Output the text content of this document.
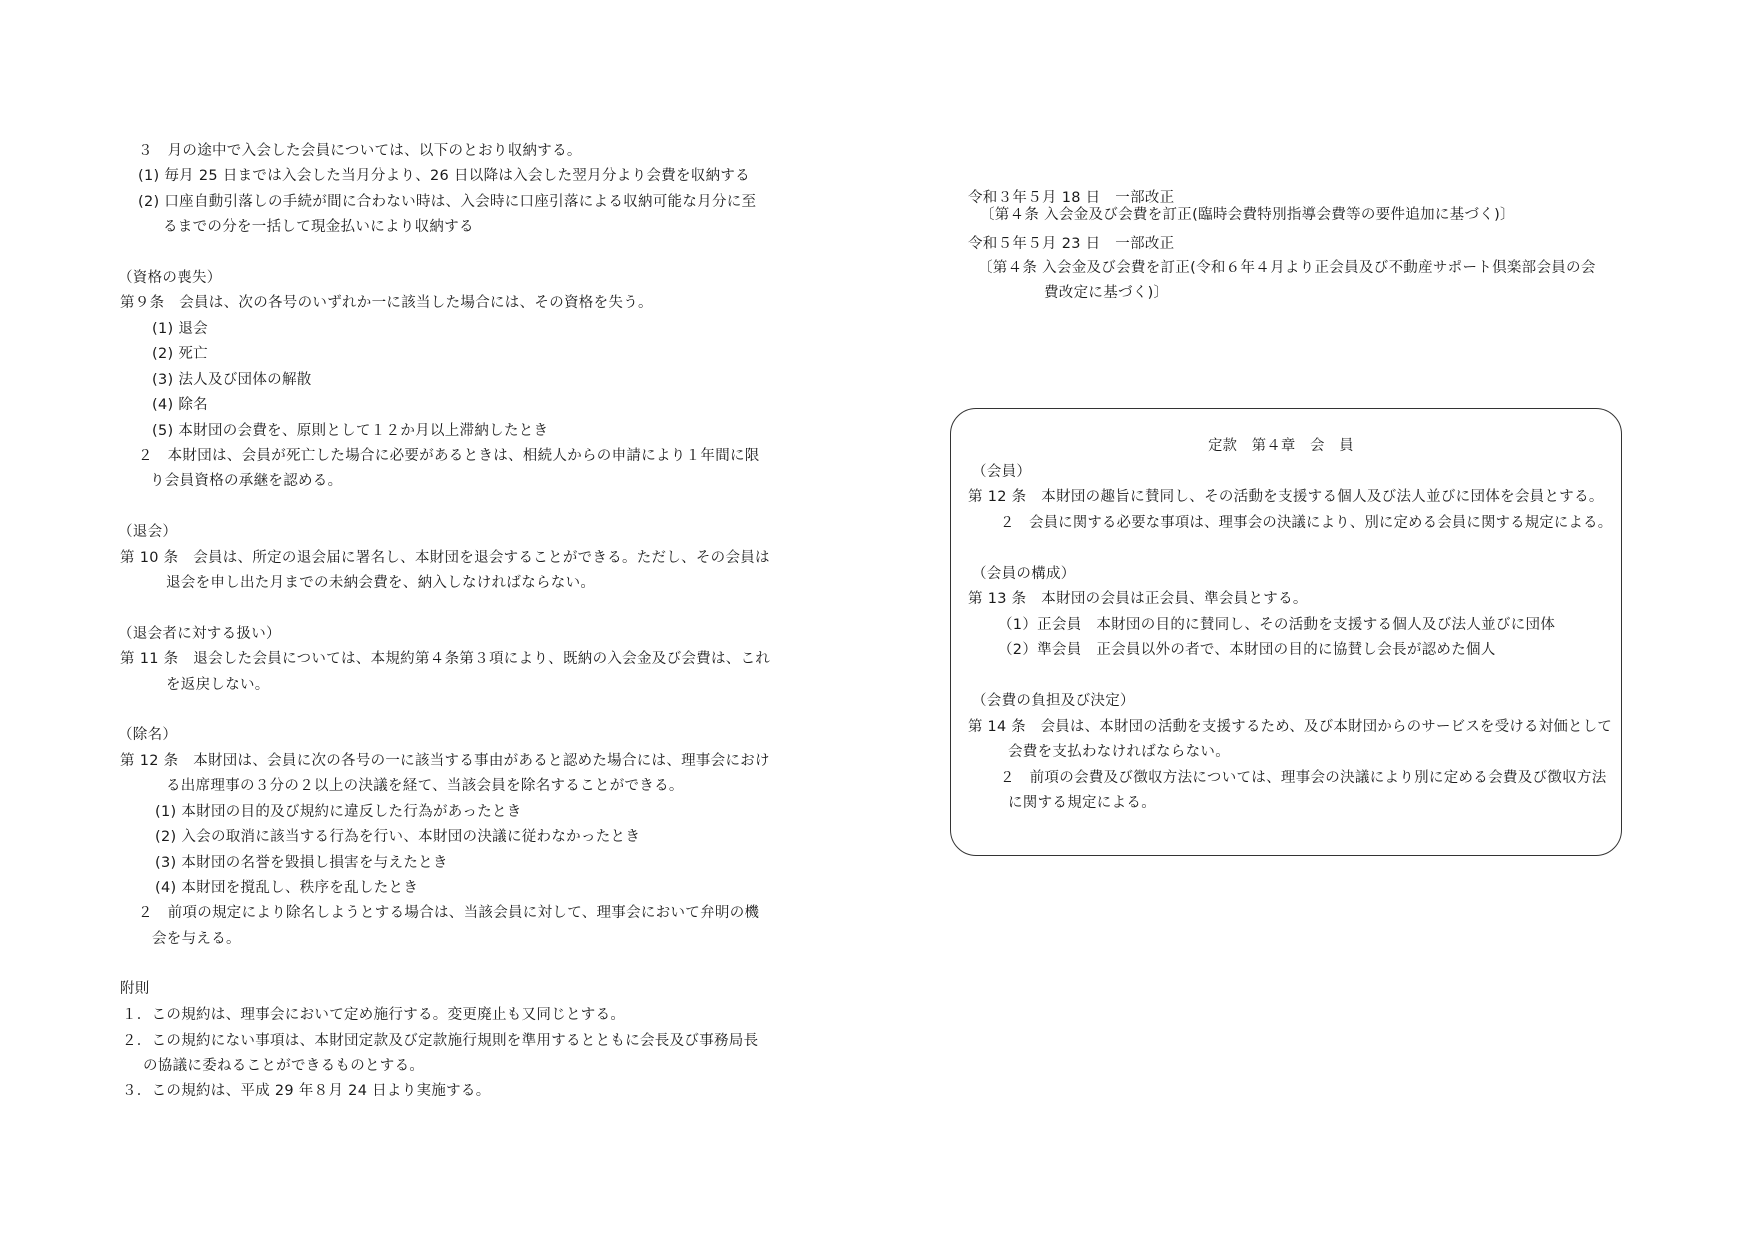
３　月の途中で入会した会員については、以下のとおり収納する。
(1) 毎月 25 日までは入会した当月分より、26 日以降は入会した翌月分より会費を収納する
(2) 口座自動引落しの手続が間に合わない時は、入会時に口座引落による収納可能な月分に至
るまでの分を一括して現金払いにより収納する
（資格の喪失）
第９条　会員は、次の各号のいずれか一に該当した場合には、その資格を失う。
(1) 退会
(2) 死亡
(3) 法人及び団体の解散
(4) 除名
(5) 本財団の会費を、原則として１２か月以上滞納したとき
２　本財団は、会員が死亡した場合に必要があるときは、相続人からの申請により１年間に限
り会員資格の承継を認める。
（退会）
第 10 条　会員は、所定の退会届に署名し、本財団を退会することができる。ただし、その会員は
退会を申し出た月までの未納会費を、納入しなければならない。
（退会者に対する扱い）
第 11 条　退会した会員については、本規約第４条第３項により、既納の入会金及び会費は、これ
を返戻しない。
（除名）
第 12 条　本財団は、会員に次の各号の一に該当する事由があると認めた場合には、理事会におけ
る出席理事の３分の２以上の決議を経て、当該会員を除名することができる。
(1) 本財団の目的及び規約に違反した行為があったとき
(2) 入会の取消に該当する行為を行い、本財団の決議に従わなかったとき
(3) 本財団の名誉を毀損し損害を与えたとき
(4) 本財団を撹乱し、秩序を乱したとき
２　前項の規定により除名しようとする場合は、当該会員に対して、理事会において弁明の機
会を与える。
附則
１．この規約は、理事会において定め施行する。変更廃止も又同じとする。
２．この規約にない事項は、本財団定款及び定款施行規則を準用するとともに会長及び事務局長
の協議に委ねることができるものとする。
３．この規約は、平成 29 年８月 24 日より実施する。
令和３年５月 18 日　一部改正
〔第４条 入会金及び会費を訂正(臨時会費特別指導会費等の要件追加に基づく)〕
令和５年５月 23 日　一部改正
〔第４条 入会金及び会費を訂正(令和６年４月より正会員及び不動産サポート倶楽部会員の会
費改定に基づく)〕
定款　第４章　会　員
（会員）
第 12 条　本財団の趣旨に賛同し、その活動を支援する個人及び法人並びに団体を会員とする。
２　会員に関する必要な事項は、理事会の決議により、別に定める会員に関する規定による。
（会員の構成）
第 13 条　本財団の会員は正会員、準会員とする。
（1）正会員　本財団の目的に賛同し、その活動を支援する個人及び法人並びに団体
（2）準会員　正会員以外の者で、本財団の目的に協賛し会長が認めた個人
（会費の負担及び決定）
第 14 条　会員は、本財団の活動を支援するため、及び本財団からのサービスを受ける対価として
会費を支払わなければならない。
２　前項の会費及び徴収方法については、理事会の決議により別に定める会費及び徴収方法
に関する規定による。
